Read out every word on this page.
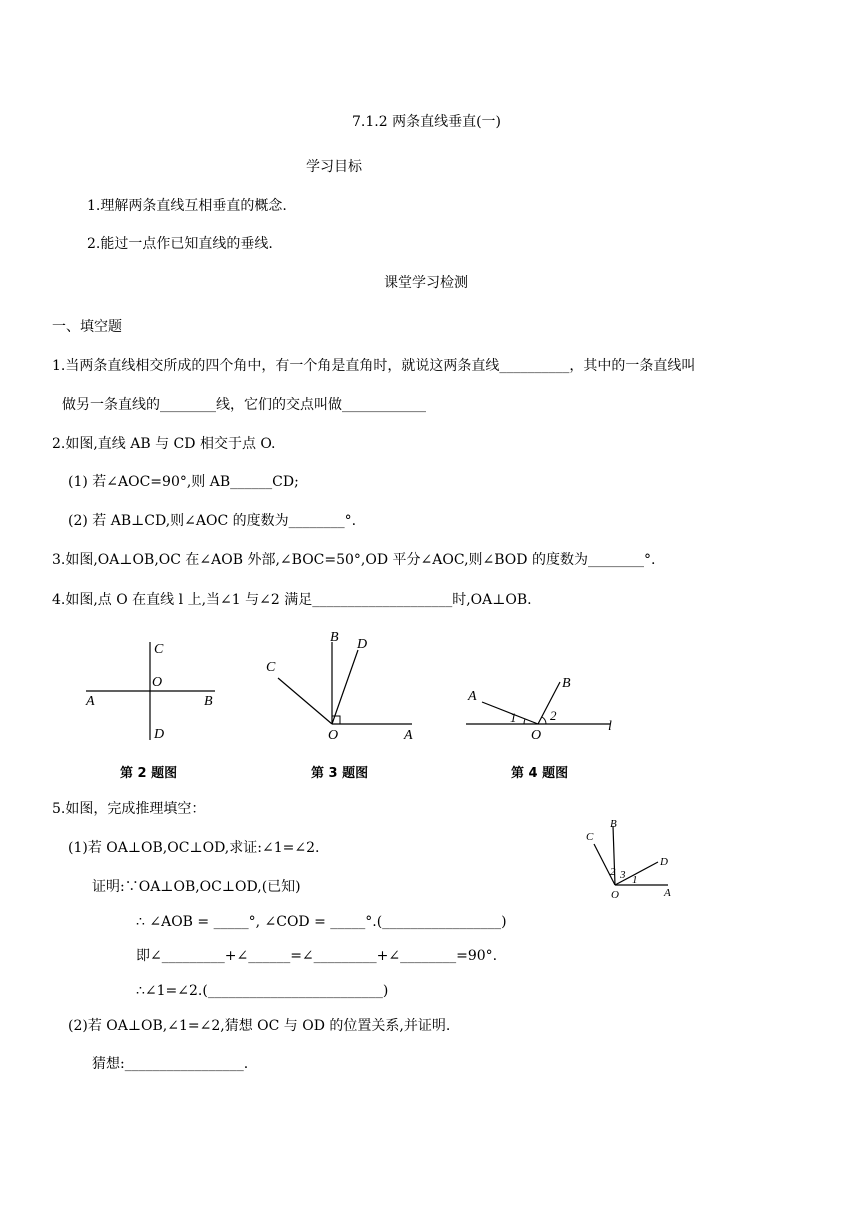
7.1.2 两条直线垂直(一)
学习目标
1.理解两条直线互相垂直的概念.
2.能过一点作已知直线的垂线.
课堂学习检测
一、填空题
1.当两条直线相交所成的四个角中，有一个角是直角时，就说这两条直线__________，其中的一条直线叫
做另一条直线的________线，它们的交点叫做____________
2.如图,直线 AB 与 CD 相交于点 O.
(1) 若∠AOC=90°,则 AB______CD;
(2) 若 AB⊥CD,则∠AOC 的度数为________°.
3.如图,OA⊥OB,OC 在∠AOB 外部,∠BOC=50°,OD 平分∠AOC,则∠BOD 的度数为________°.
4.如图,点 O 在直线 l 上,当∠1 与∠2 满足____________________时,OA⊥OB.
C
O
A	B
D
第 2 题图
B D
C
O	A
第 3 题图
A
B
1	2
O
l
第 4 题图
5.如图，完成推理填空：
(1)若 OA⊥OB,OC⊥OD,求证:∠1=∠2.
证明:∵OA⊥OB,OC⊥OD,(已知)
∴ ∠AOB = _____°, ∠COD = _____°.(_________________)
即∠_________+∠______=∠_________+∠________=90°.
∴∠1=∠2.(_________________________)
(2)若 OA⊥OB,∠1=∠2,猜想 OC 与 OD 的位置关系,并证明.
猜想:_________________.
B
C
D
2 3 1
O	A
